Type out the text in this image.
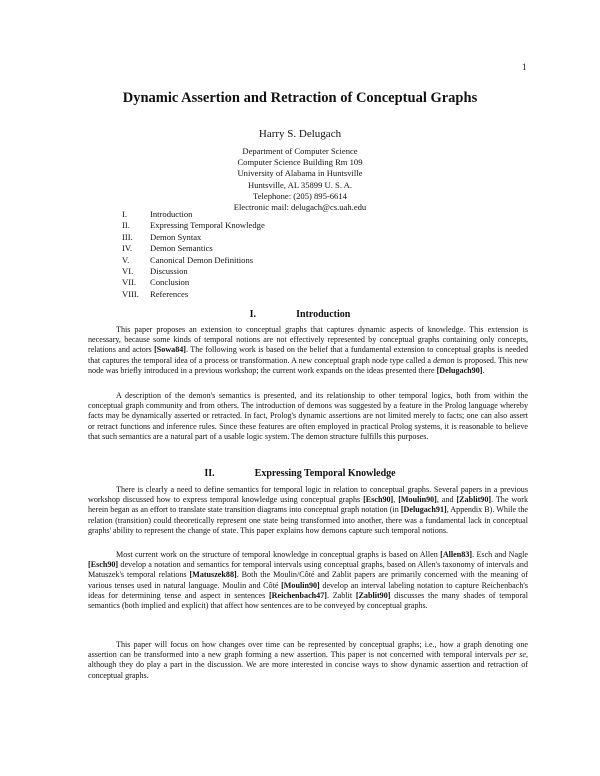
1
Dynamic Assertion and Retraction of Conceptual Graphs
Harry S. Delugach
Department of Computer Science
Computer Science Building Rm 109
University of Alabama in Huntsville
Huntsville, AL 35899 U. S. A.
Telephone: (205) 895-6614
Electronic mail: delugach@cs.uah.edu
I.	Introduction
II.	Expressing Temporal Knowledge
III.	Demon Syntax
IV.	Demon Semantics
V.	Canonical Demon Definitions
VI.	Discussion
VII.	Conclusion
VIII.	References
I.	Introduction

This paper proposes an extension to conceptual graphs that captures dynamic aspects of knowledge. This extension is necessary, because some kinds of temporal notions are not effectively represented by conceptual graphs containing only concepts, relations and actors [Sowa84]. The following work is based on the belief that a fundamental extension to conceptual graphs is needed that captures the temporal idea of a process or transformation. A new conceptual graph node type called a demon is proposed. This new node was briefly introduced in a previous workshop; the current work expands on the ideas presented there [Delugach90].

A description of the demon's semantics is presented, and its relationship to other temporal logics, both from within the conceptual graph community and from others. The introduction of demons was suggested by a feature in the Prolog language whereby facts may be dynamically asserted or retracted. In fact, Prolog's dynamic assertions are not limited merely to facts; one can also assert or retract functions and inference rules. Since these features are often employed in practical Prolog systems, it is reasonable to believe that such semantics are a natural part of a usable logic system. The demon structure fulfills this purposes.

II.	Expressing Temporal Knowledge

There is clearly a need to define semantics for temporal logic in relation to conceptual graphs. Several papers in a previous workshop discussed how to express temporal knowledge using conceptual graphs [Esch90], [Moulin90], and [Zablit90]. The work herein began as an effort to translate state transition diagrams into conceptual graph notation (in [Delugach91], Appendix B). While the relation (transition) could theoretically represent one state being transformed into another, there was a fundamental lack in conceptual graphs' ability to represent the change of state. This paper explains how demons capture such temporal notions.

Most current work on the structure of temporal knowledge in conceptual graphs is based on Allen [Allen83]. Esch and Nagle [Esch90] develop a notation and semantics for temporal intervals using conceptual graphs, based on Allen's taxonomy of intervals and Matuszek's temporal relations [Matuszek88]. Both the Moulin/Côté and Zablit papers are primarily concerned with the meaning of various tenses used in natural language. Moulin and Côté [Moulin90] develop an interval labeling notation to capture Reichenbach's ideas for determining tense and aspect in sentences [Reichenbach47]. Zablit [Zablit90] discusses the many shades of temporal semantics (both implied and explicit) that affect how sentences are to be conveyed by conceptual graphs.

This paper will focus on how changes over time can be represented by conceptual graphs; i.e., how a graph denoting one assertion can be transformed into a new graph forming a new assertion. This paper is not concerned with temporal intervals per se, although they do play a part in the discussion. We are more interested in concise ways to show dynamic assertion and retraction of conceptual graphs.
